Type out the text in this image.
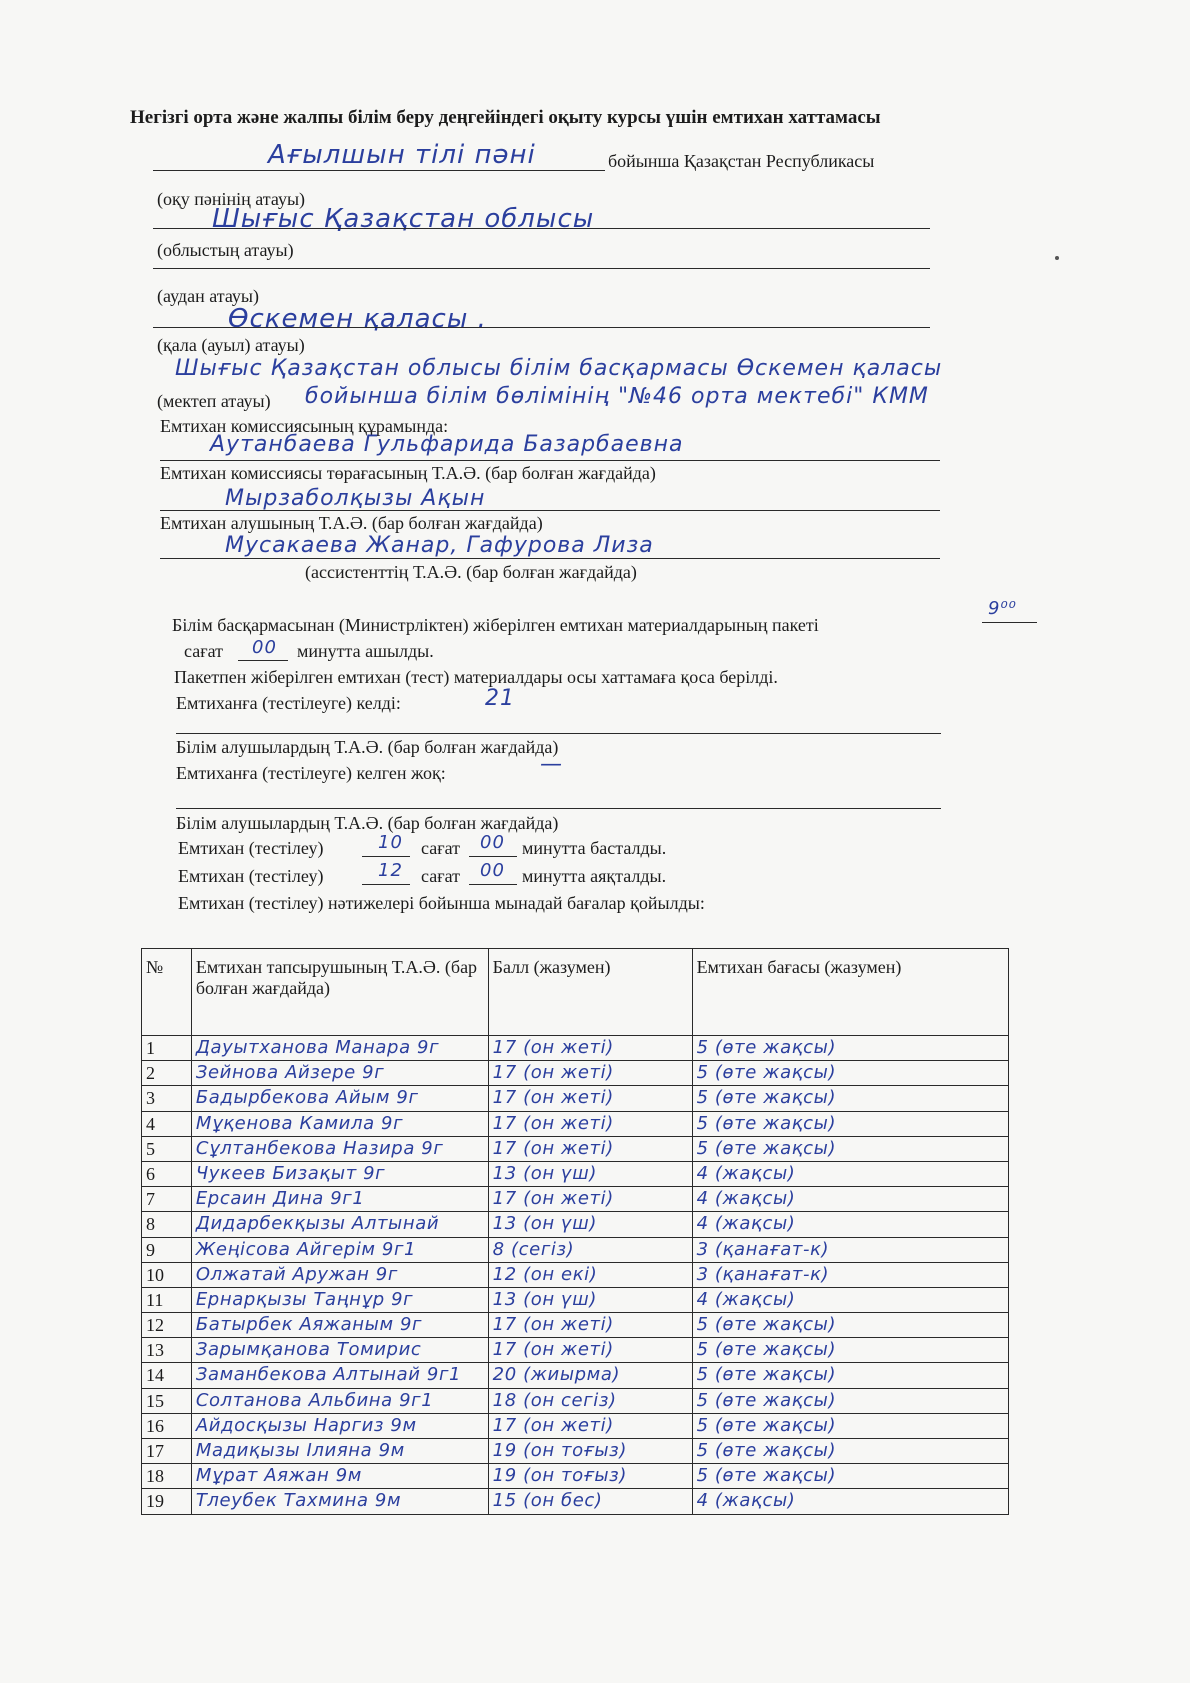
Негізгі орта және жалпы білім беру деңгейіндегі оқыту курсы үшін емтихан хаттамасы
Ағылшын тілі пәні	бойынша Қазақстан Республикасы
(оқу пәнінің атауы)
Шығыс Қазақстан облысы
(облыстың атауы)
(аудан атауы)
Өскемен қаласы .
(қала (ауыл) атауы)
Шығыс Қазақстан облысы білім басқармасы Өскемен қаласы
(мектеп атауы) бойынша білім бөлімінің "№46 орта мектебі" КММ
Емтихан комиссиясының құрамында:
Аутанбаева Гульфарида Базарбаевна
Емтихан комиссиясы төрағасының Т.А.Ә. (бар болған жағдайда)
Мырзаболқызы Ақын
Емтихан алушының Т.А.Ә. (бар болған жағдайда)
Мусакаева Жанар, Гафурова Лиза
(ассистенттің Т.А.Ә. (бар болған жағдайда)
Білім басқармасынан (Министрліктен) жіберілген емтихан материалдарының пакеті
9⁰⁰
сағат 00 минутта ашылды.
Пакетпен жіберілген емтихан (тест) материалдары осы хаттамаға қоса берілді.
Емтиханға (тестілеуге) келді:	21
Білім алушылардың Т.А.Ә. (бар болған жағдайда)
Емтиханға (тестілеуге) келген жоқ:	—
Білім алушылардың Т.А.Ә. (бар болған жағдайда)
Емтихан (тестілеу)	10 сағат 00 минутта басталды.
Емтихан (тестілеу)	12 сағат 00 минутта аяқталды.
Емтихан (тестілеу) нәтижелері бойынша мынадай бағалар қойылды:
№	Емтихан тапсырушының Т.А.Ә. (бар болған жағдайда)	Балл (жазумен)	Емтихан бағасы (жазумен)
1	Дауытханова Манара 9г	17 (он жеті)	5 (өте жақсы)
2	Зейнова Айзере 9г	17 (он жеті)	5 (өте жақсы)
3	Бадырбекова Айым 9г	17 (он жеті)	5 (өте жақсы)
4	Мұқенова Камила 9г	17 (он жеті)	5 (өте жақсы)
5	Сұлтанбекова Назира 9г	17 (он жеті)	5 (өте жақсы)
6	Чукеев Бизақыт 9г	13 (он үш)	4 (жақсы)
7	Ерсаин Дина 9г1	17 (он жеті)	4 (жақсы)
8	Дидарбекқызы Алтынай	13 (он үш)	4 (жақсы)
9	Жеңісова Айгерім 9г1	8 (сегіз)	3 (қанағат-к)
10	Олжатай Аружан 9г	12 (он екі)	3 (қанағат-к)
11	Ернарқызы Таңнұр 9г	13 (он үш)	4 (жақсы)
12	Батырбек Аяжаным 9г	17 (он жеті)	5 (өте жақсы)
13	Зарымқанова Томирис	17 (он жеті)	5 (өте жақсы)
14	Заманбекова Алтынай 9г1	20 (жиырма)	5 (өте жақсы)
15	Солтанова Альбина 9г1	18 (он сегіз)	5 (өте жақсы)
16	Айдосқызы Наргиз 9м	17 (он жеті)	5 (өте жақсы)
17	Мадиқызы Ілияна 9м	19 (он тоғыз)	5 (өте жақсы)
18	Мұрат Аяжан 9м	19 (он тоғыз)	5 (өте жақсы)
19	Тлеубек Тахмина 9м	15 (он бес)	4 (жақсы)
